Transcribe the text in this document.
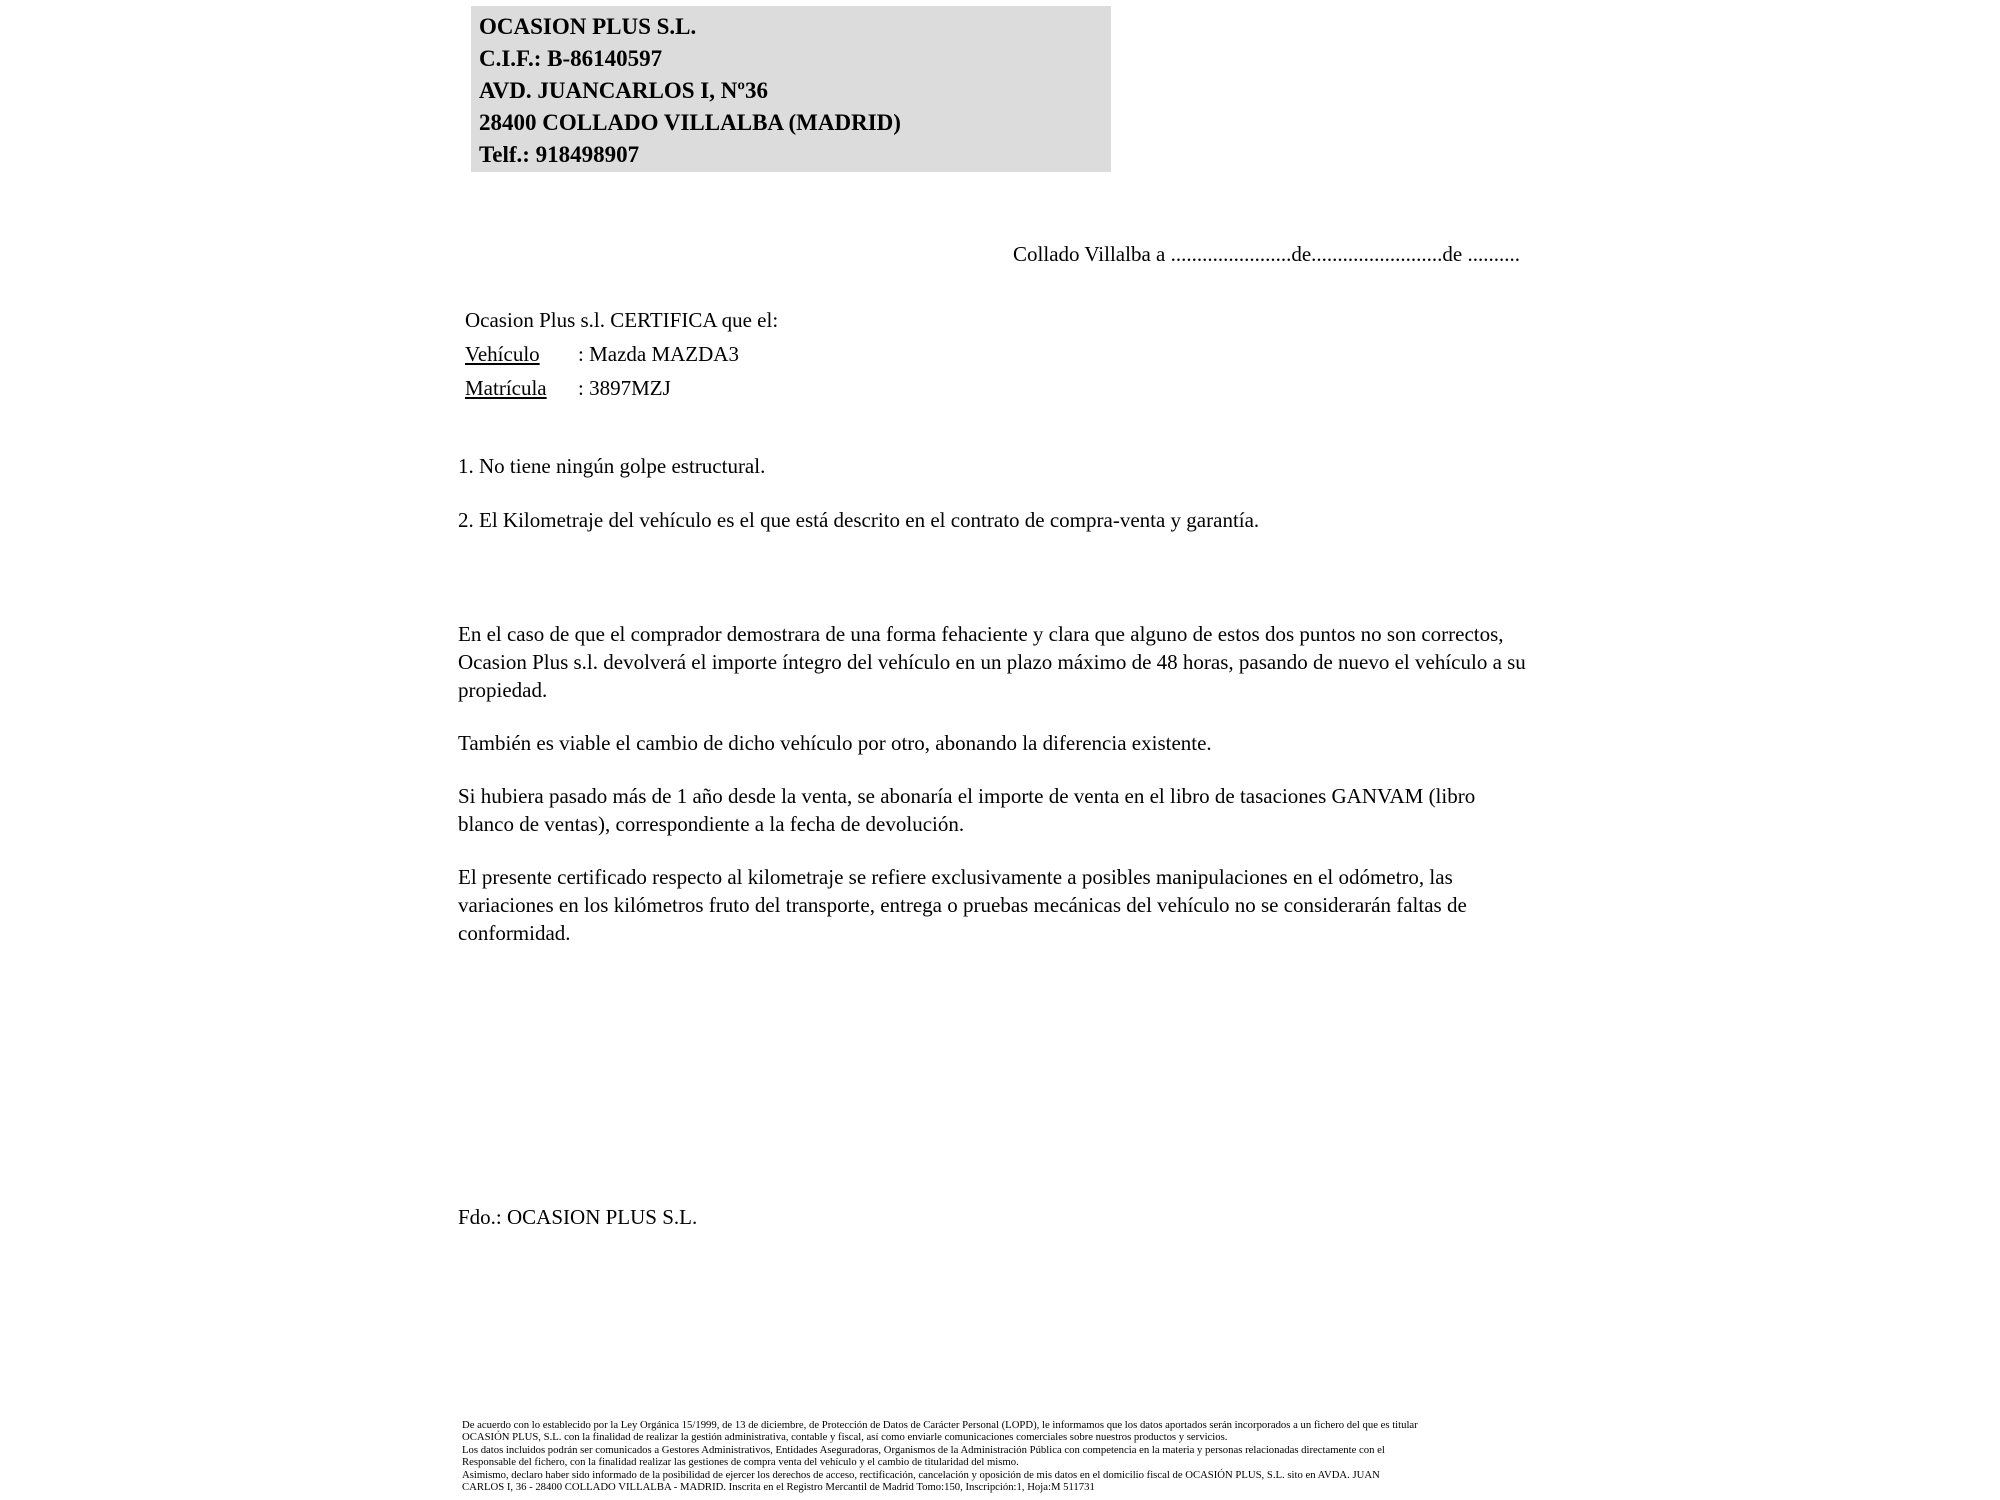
OCASION PLUS S.L.
C.I.F.: B-86140597
AVD. JUANCARLOS I, Nº36
28400 COLLADO VILLALBA (MADRID)
Telf.: 918498907
Collado Villalba a .......................de.........................de ..........
Ocasion Plus s.l. CERTIFICA que el:
Vehículo : Mazda MAZDA3
Matrícula : 3897MZJ
1. No tiene ningún golpe estructural.
2. El Kilometraje del vehículo es el que está descrito en el contrato de compra-venta y garantía.

En el caso de que el comprador demostrara de una forma fehaciente y clara que alguno de estos dos puntos no son correctos, Ocasion Plus s.l. devolverá el importe íntegro del vehículo en un plazo máximo de 48 horas, pasando de nuevo el vehículo a su propiedad.

También es viable el cambio de dicho vehículo por otro, abonando la diferencia existente.

Si hubiera pasado más de 1 año desde la venta, se abonaría el importe de venta en el libro de tasaciones GANVAM (libro blanco de ventas), correspondiente a la fecha de devolución.

El presente certificado respecto al kilometraje se refiere exclusivamente a posibles manipulaciones en el odómetro, las variaciones en los kilómetros fruto del transporte, entrega o pruebas mecánicas del vehículo no se considerarán faltas de conformidad.

Fdo.: OCASION PLUS S.L.
De acuerdo con lo establecido por la Ley Orgánica 15/1999, de 13 de diciembre, de Protección de Datos de Carácter Personal (LOPD), le informamos que los datos aportados serán incorporados a un fichero del que es titular
OCASIÓN PLUS, S.L. con la finalidad de realizar la gestión administrativa, contable y fiscal, así como enviarle comunicaciones comerciales sobre nuestros productos y servicios.
Los datos incluidos podrán ser comunicados a Gestores Administrativos, Entidades Aseguradoras, Organismos de la Administración Pública con competencia en la materia y personas relacionadas directamente con el
Responsable del fichero, con la finalidad realizar las gestiones de compra venta del vehículo y el cambio de titularidad del mismo.
Asimismo, declaro haber sido informado de la posibilidad de ejercer los derechos de acceso, rectificación, cancelación y oposición de mis datos en el domicilio fiscal de OCASIÓN PLUS, S.L. sito en AVDA. JUAN
CARLOS I, 36 - 28400 COLLADO VILLALBA - MADRID. Inscrita en el Registro Mercantil de Madrid Tomo:150, Inscripción:1, Hoja:M 511731
